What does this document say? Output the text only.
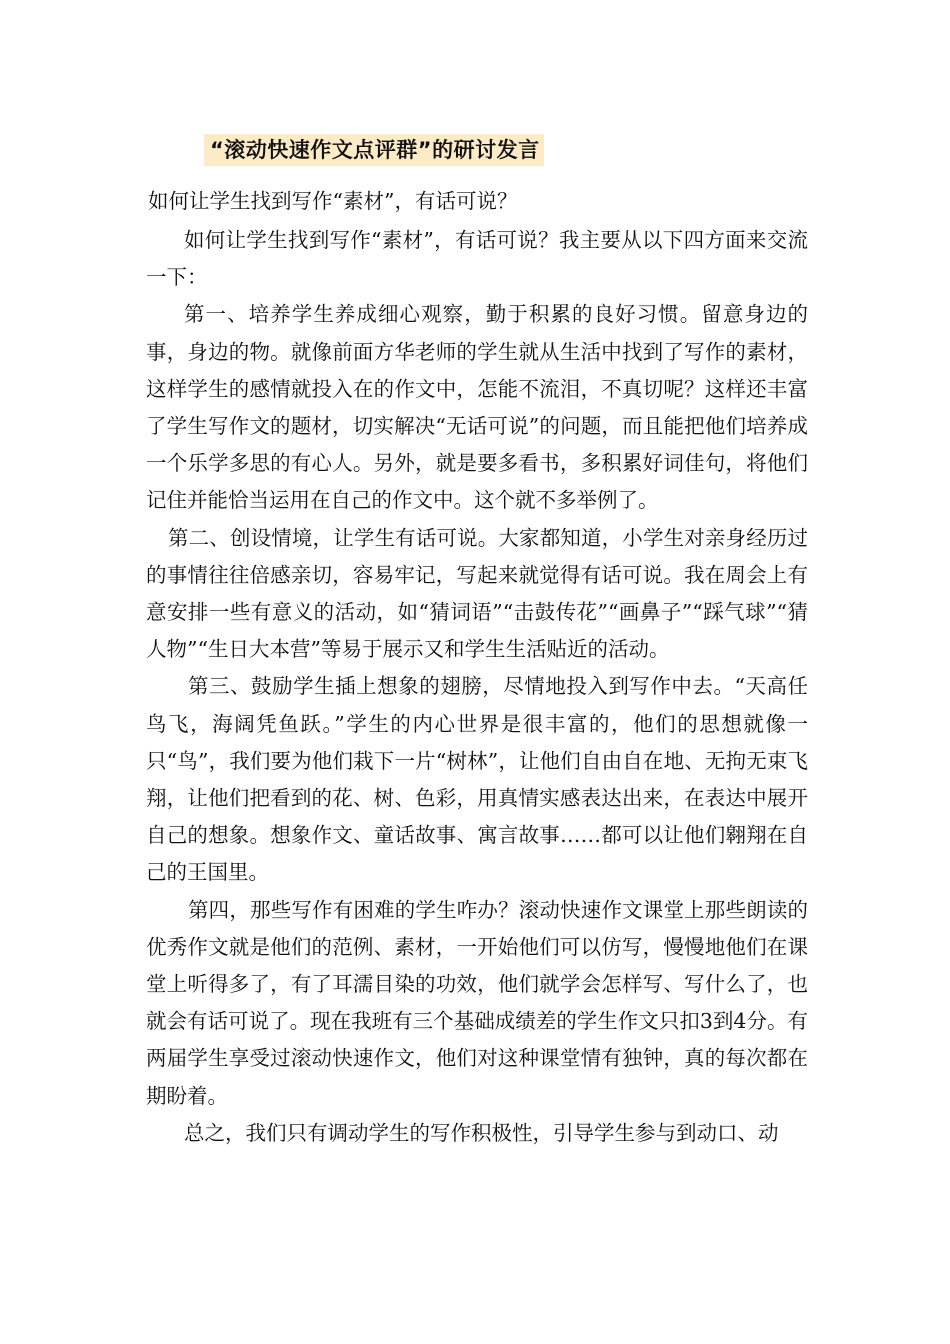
“滚动快速作文点评群”的研讨发言
如何让学生找到写作“素材”，有话可说？

如何让学生找到写作“素材”，有话可说？我主要从以下四方面来交流一下：

第一、培养学生养成细心观察，勤于积累的良好习惯。留意身边的事，身边的物。就像前面方华老师的学生就从生活中找到了写作的素材，这样学生的感情就投入在的作文中，怎能不流泪，不真切呢？这样还丰富了学生写作文的题材，切实解决“无话可说”的问题，而且能把他们培养成一个乐学多思的有心人。另外，就是要多看书，多积累好词佳句，将他们记住并能恰当运用在自己的作文中。这个就不多举例了。

第二、创设情境，让学生有话可说。大家都知道，小学生对亲身经历过的事情往往倍感亲切，容易牢记，写起来就觉得有话可说。我在周会上有意安排一些有意义的活动，如“猜词语”“击鼓传花”“画鼻子”“踩气球”“猜人物”“生日大本营”等易于展示又和学生生活贴近的活动。

第三、鼓励学生插上想象的翅膀，尽情地投入到写作中去。“天高任鸟飞，海阔凭鱼跃。”学生的内心世界是很丰富的，他们的思想就像一只“鸟”，我们要为他们栽下一片“树林”，让他们自由自在地、无拘无束飞翔，让他们把看到的花、树、色彩，用真情实感表达出来，在表达中展开自己的想象。想象作文、童话故事、寓言故事……都可以让他们翱翔在自己的王国里。

第四，那些写作有困难的学生咋办？滚动快速作文课堂上那些朗读的优秀作文就是他们的范例、素材，一开始他们可以仿写，慢慢地他们在课堂上听得多了，有了耳濡目染的功效，他们就学会怎样写、写什么了，也就会有话可说了。现在我班有三个基础成绩差的学生作文只扣3到4分。有两届学生享受过滚动快速作文，他们对这种课堂情有独钟，真的每次都在期盼着。

总之，我们只有调动学生的写作积极性，引导学生参与到动口、动
